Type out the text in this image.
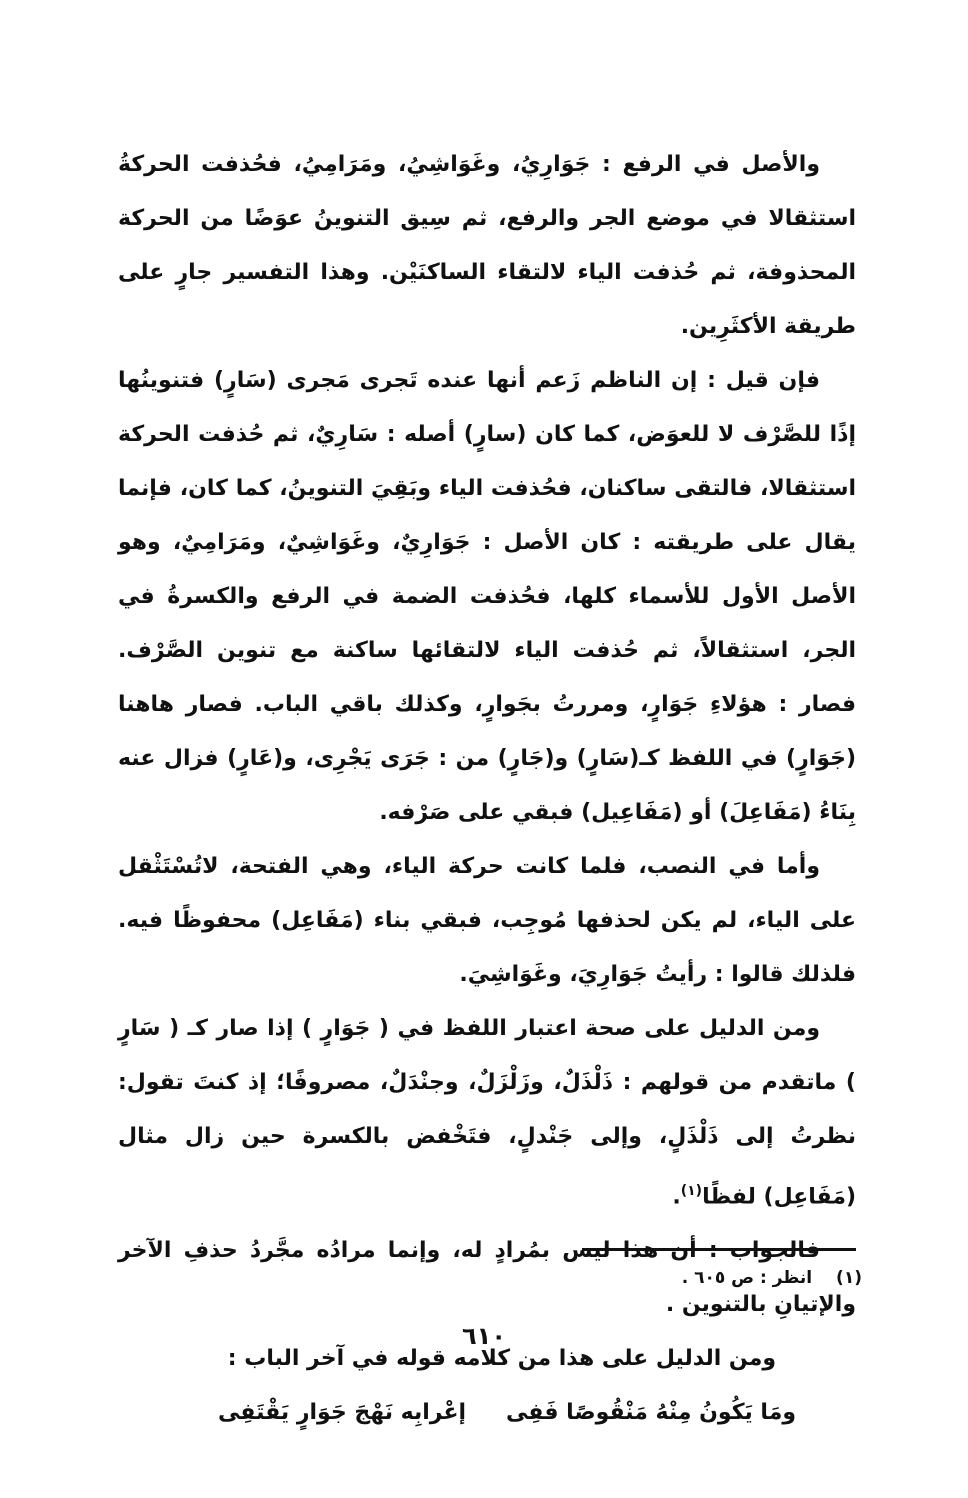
والأصل في الرفع : جَوَارِيُ، وغَوَاشِيُ، ومَرَامِيُ، فحُذفت الحركةُ استثقالا في موضع الجر والرفع، ثم سِيق التنوينُ عوَضًا من الحركة المحذوفة، ثم حُذفت الياء لالتقاء الساكنَيْن. وهذا التفسير جارٍ على طريقة الأكثَرِين.

فإن قيل : إن الناظم زَعم أنها عنده تَجرى مَجرى (سَارٍ) فتنوينُها إذًا للصَّرْف لا للعوَض، كما كان (سارٍ) أصله : سَارِيٌ، ثم حُذفت الحركة استثقالا، فالتقى ساكنان، فحُذفت الياء وبَقِيَ التنوينُ، كما كان، فإنما يقال على طريقته : كان الأصل : جَوَارِيٌ، وغَوَاشِيٌ، ومَرَامِيٌ، وهو الأصل الأول للأسماء كلها، فحُذفت الضمة في الرفع والكسرةُ في الجر، استثقالاً، ثم حُذفت الياء لالتقائها ساكنة مع تنوين الصَّرْف. فصار : هؤلاءِ جَوَارٍ، ومررتُ بجَوارٍ، وكذلك باقي الباب. فصار هاهنا (جَوَارٍ) في اللفظ كـ(سَارٍ) و(جَارٍ) من : جَرَى يَجْرِى، و(عَارٍ) فزال عنه بِنَاءُ (مَفَاعِلَ) أو (مَفَاعِيل) فبقي على صَرْفه.

وأما في النصب، فلما كانت حركة الياء، وهي الفتحة، لاتُسْتَثْقل على الياء، لم يكن لحذفها مُوجِب، فبقي بناء (مَفَاعِل) محفوظًا فيه. فلذلك قالوا : رأيتُ جَوَارِيَ، وغَوَاشِيَ.

ومن الدليل على صحة اعتبار اللفظ في ( جَوَارٍ ) إذا صار كـ ( سَارٍ ) ماتقدم من قولهم : ذَلْذَلٌ، وزَلْزَلٌ، وجنْدَلٌ، مصروفًا؛ إذ كنتَ تقول: نظرتُ إلى ذَلْذَلٍ، وإلى جَنْدلٍ، فتَخْفض بالكسرة حين زال مثال (مَفَاعِل) لفظًا$^{(١)}$.

فالجواب : أن هذا ليس بمُرادٍ له، وإنما مرادُه مجَّردُ حذفِ الآخر والإتيانِ بالتنوين .

ومن الدليل على هذا من كلامه قوله في آخر الباب :

ومَا يَكُونُ مِنْهُ مَنْقُوصًا فَفِى
إعْرابِه نَهْجَ جَوَارٍ يَقْتَفِى
(١)انظر : ص ٦٠٥ .
٦١٠
